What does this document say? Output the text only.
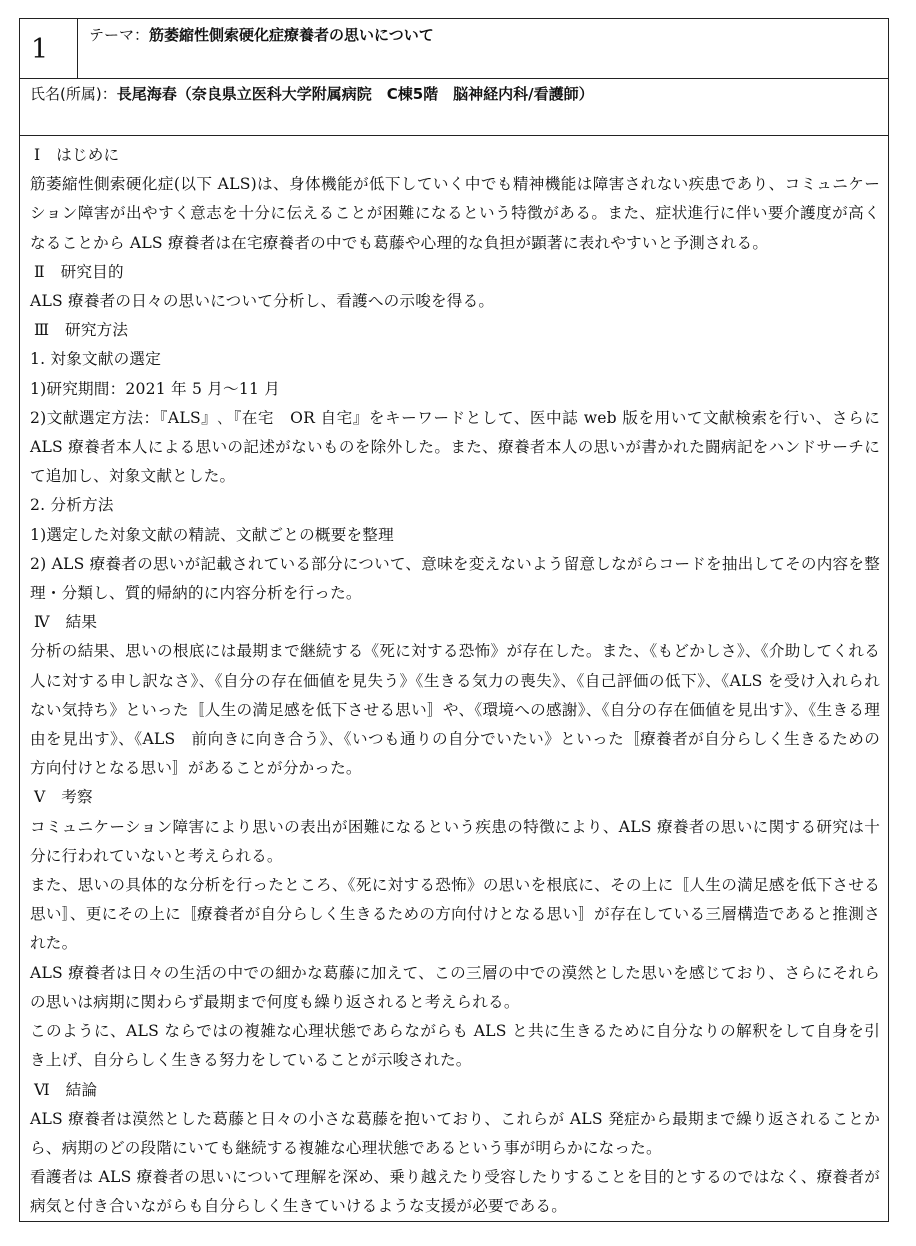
1	テーマ：筋萎縮性側索硬化症療養者の思いについて
氏名(所属)：長尾海春（奈良県立医科大学附属病院　C棟5階　脳神経内科/看護師）
Ⅰ　はじめに
筋萎縮性側索硬化症(以下 ALS)は、身体機能が低下していく中でも精神機能は障害されない疾患であり、コミュニケーション障害が出やすく意志を十分に伝えることが困難になるという特徴がある。また、症状進行に伴い要介護度が高くなることから ALS 療養者は在宅療養者の中でも葛藤や心理的な負担が顕著に表れやすいと予測される。
Ⅱ　研究目的
ALS 療養者の日々の思いについて分析し、看護への示唆を得る。
Ⅲ　研究方法
1. 対象文献の選定
1)研究期間：2021 年 5 月～11 月
2)文献選定方法：『ALS』､『在宅　OR 自宅』をキーワードとして、医中誌 web 版を用いて文献検索を行い、さらに ALS 療養者本人による思いの記述がないものを除外した。また、療養者本人の思いが書かれた闘病記をハンドサーチにて追加し、対象文献とした。
2. 分析方法
1)選定した対象文献の精読、文献ごとの概要を整理
2) ALS 療養者の思いが記載されている部分について、意味を変えないよう留意しながらコードを抽出してその内容を整理・分類し、質的帰納的に内容分析を行った。
Ⅳ　結果
分析の結果、思いの根底には最期まで継続する《死に対する恐怖》が存在した。また、《もどかしさ》、《介助してくれる人に対する申し訳なさ》、《自分の存在価値を見失う》《生きる気力の喪失》、《自己評価の低下》、《ALS を受け入れられない気持ち》といった〚人生の満足感を低下させる思い〛や、《環境への感謝》、《自分の存在価値を見出す》、《生きる理由を見出す》、《ALS　前向きに向き合う》、《いつも通りの自分でいたい》といった〚療養者が自分らしく生きるための方向付けとなる思い〛があることが分かった。
Ⅴ　考察
コミュニケーション障害により思いの表出が困難になるという疾患の特徴により、ALS 療養者の思いに関する研究は十分に行われていないと考えられる。
また、思いの具体的な分析を行ったところ、《死に対する恐怖》の思いを根底に、その上に〚人生の満足感を低下させる思い〛、更にその上に〚療養者が自分らしく生きるための方向付けとなる思い〛が存在している三層構造であると推測された。
ALS 療養者は日々の生活の中での細かな葛藤に加えて、この三層の中での漠然とした思いを感じており、さらにそれらの思いは病期に関わらず最期まで何度も繰り返されると考えられる。
このように、ALS ならではの複雑な心理状態であらながらも ALS と共に生きるために自分なりの解釈をして自身を引き上げ、自分らしく生きる努力をしていることが示唆された。
Ⅵ　結論
ALS 療養者は漠然とした葛藤と日々の小さな葛藤を抱いており、これらが ALS 発症から最期まで繰り返されることから、病期のどの段階にいても継続する複雑な心理状態であるという事が明らかになった。
看護者は ALS 療養者の思いについて理解を深め、乗り越えたり受容したりすることを目的とするのではなく、療養者が病気と付き合いながらも自分らしく生きていけるような支援が必要である。
